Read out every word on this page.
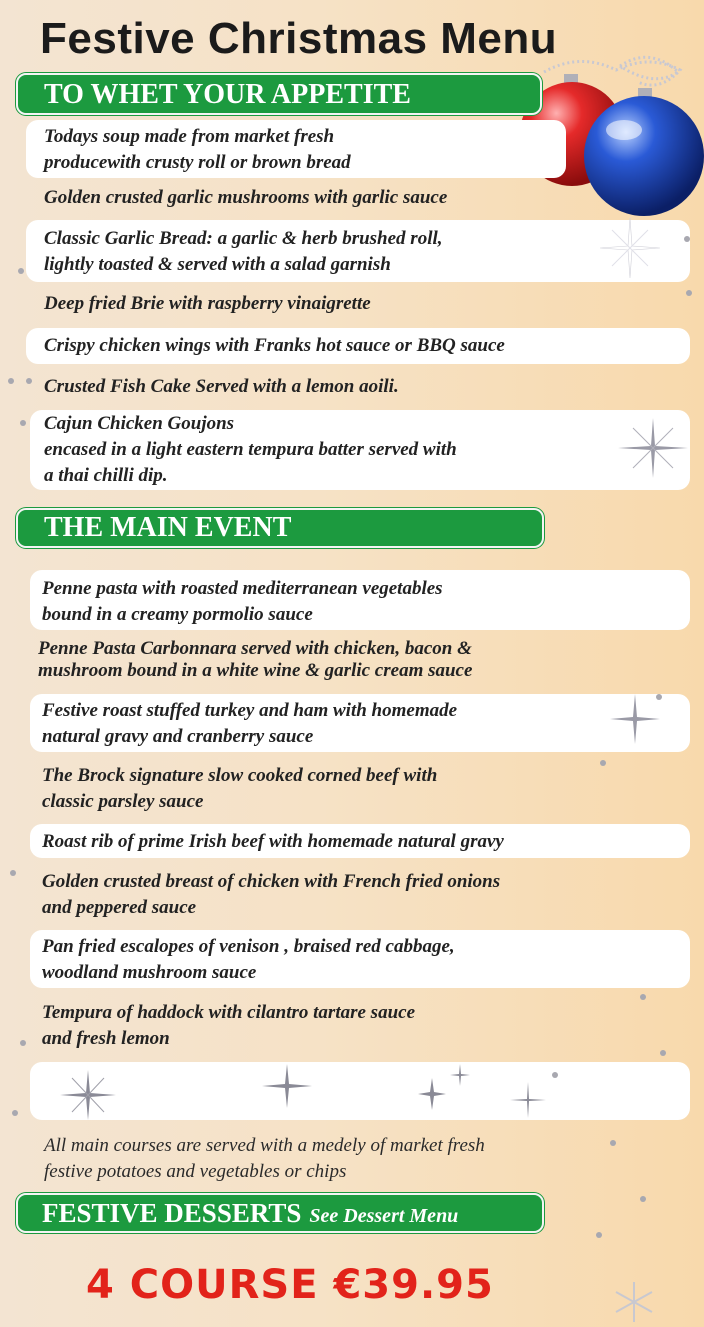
Festive Christmas Menu
TO WHET YOUR APPETITE
Todays soup made from market fresh
producewith crusty roll or brown bread
Golden crusted garlic mushrooms with garlic sauce
Classic Garlic Bread: a garlic & herb brushed roll,
lightly toasted & served with a salad garnish
Deep fried Brie with raspberry vinaigrette
Crispy chicken wings with Franks hot sauce or BBQ sauce
Crusted Fish Cake Served with a lemon aoili.
Cajun Chicken Goujons
encased in a light eastern tempura batter served with
a thai chilli dip.
THE MAIN EVENT
Penne pasta with roasted mediterranean vegetables
bound in a creamy pormolio sauce
Penne Pasta Carbonnara served with chicken, bacon &
mushroom bound in a white wine & garlic cream sauce
Festive roast stuffed turkey and ham with homemade
natural gravy and cranberry sauce
The Brock signature slow cooked corned beef with
classic parsley sauce
Roast rib of prime Irish beef with homemade natural gravy
Golden crusted breast of chicken with French fried onions
and peppered sauce
Pan fried escalopes of venison , braised red cabbage,
woodland mushroom sauce
Tempura of haddock with cilantro tartare sauce
and fresh lemon
All main courses are served with a medely of market fresh
festive potatoes and vegetables or chips
FESTIVE DESSERTS See Dessert Menu
4 COURSE €39.95
